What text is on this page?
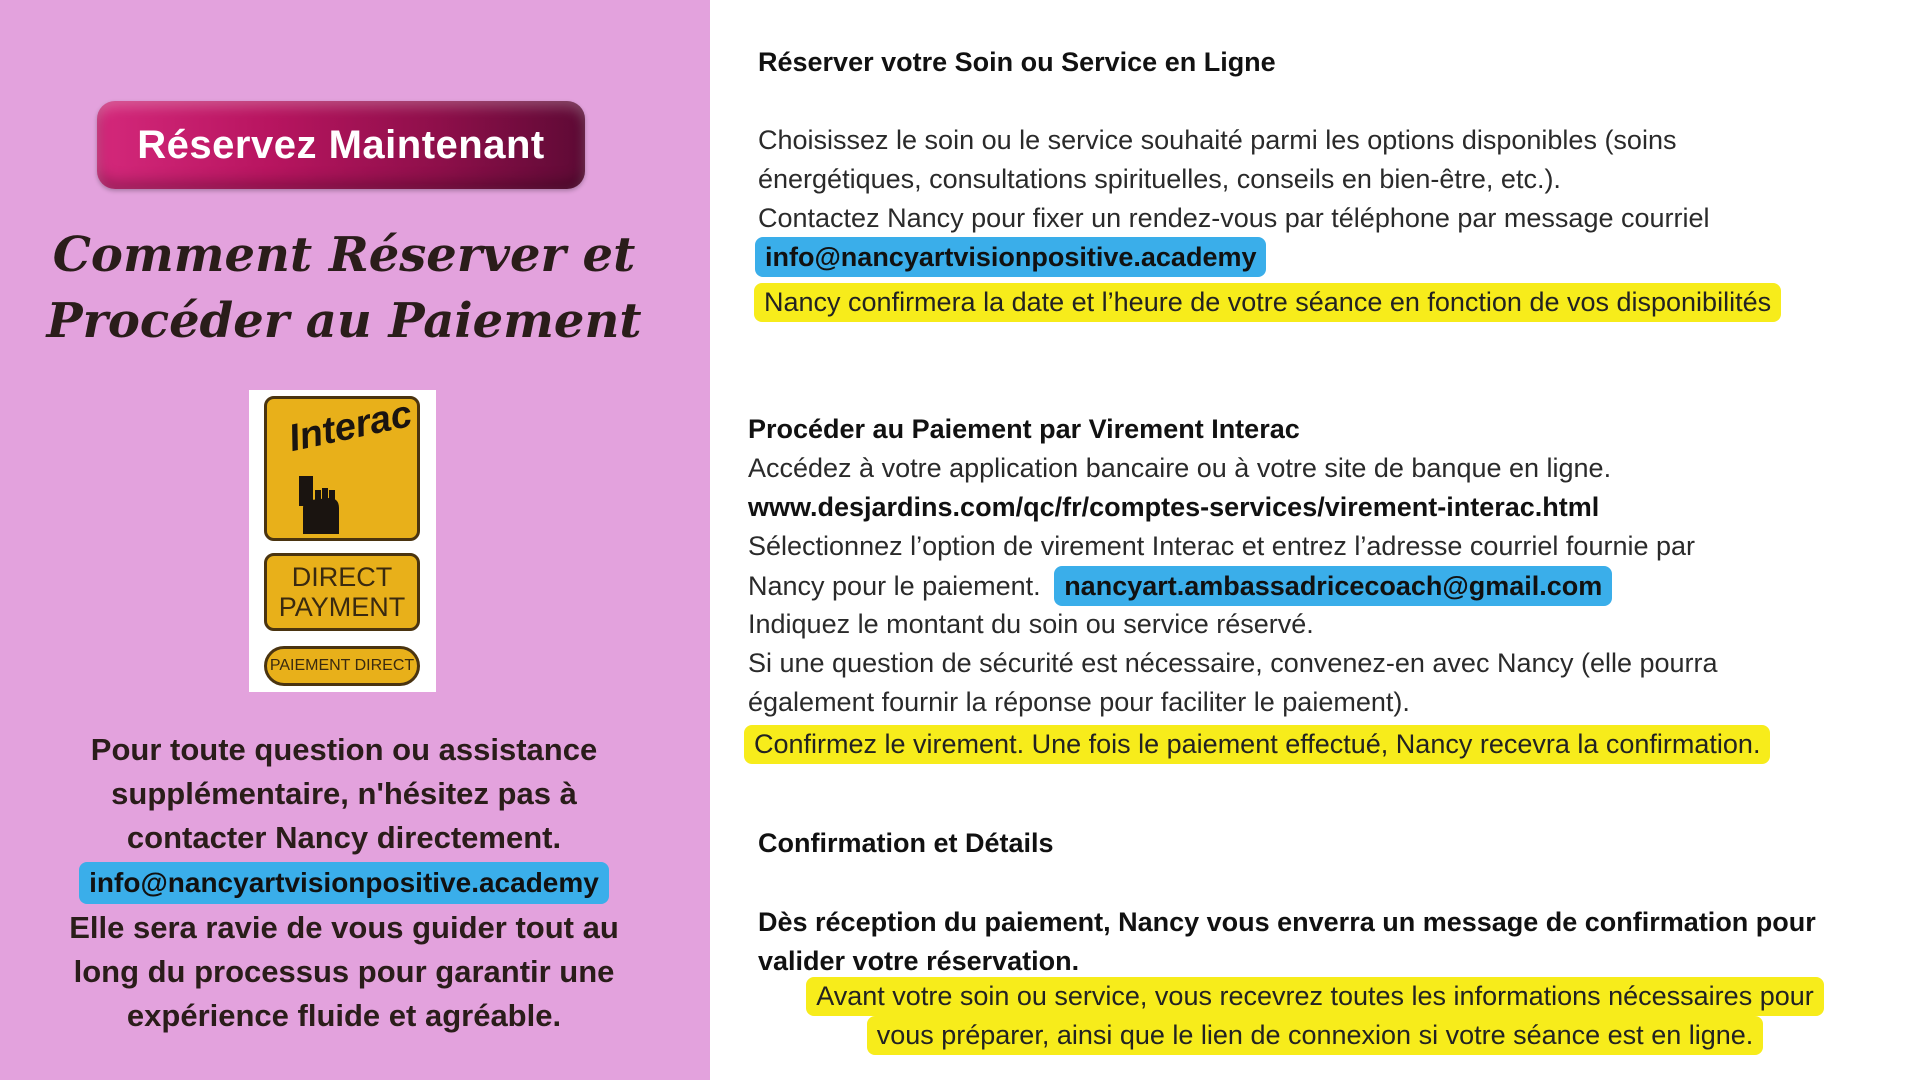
Réservez Maintenant
Comment Réserver et
Procéder au Paiement
Interac
DIRECT
PAYMENT
PAIEMENT DIRECT
Pour toute question ou assistance
supplémentaire, n'hésitez pas à
contacter Nancy directement.
info@nancyartvisionpositive.academy
Elle sera ravie de vous guider tout au
long du processus pour garantir une
expérience fluide et agréable.
Réserver votre Soin ou Service en Ligne
Choisissez le soin ou le service souhaité parmi les options disponibles (soins
énergétiques, consultations spirituelles, conseils en bien-être, etc.).
Contactez Nancy pour fixer un rendez-vous par téléphone par message courriel
info@nancyartvisionpositive.academy
Nancy confirmera la date et l’heure de votre séance en fonction de vos disponibilités
Procéder au Paiement par Virement Interac
Accédez à votre application bancaire ou à votre site de banque en ligne.
www.desjardins.com/qc/fr/comptes-services/virement-interac.html
Sélectionnez l’option de virement Interac et entrez l’adresse courriel fournie par
Nancy pour le paiement. nancyart.ambassadricecoach@gmail.com
Indiquez le montant du soin ou service réservé.
Si une question de sécurité est nécessaire, convenez-en avec Nancy (elle pourra
également fournir la réponse pour faciliter le paiement).
Confirmez le virement. Une fois le paiement effectué, Nancy recevra la confirmation.
Confirmation et Détails
Dès réception du paiement, Nancy vous enverra un message de confirmation pour
valider votre réservation.
Avant votre soin ou service, vous recevrez toutes les informations nécessaires pour
vous préparer, ainsi que le lien de connexion si votre séance est en ligne.
